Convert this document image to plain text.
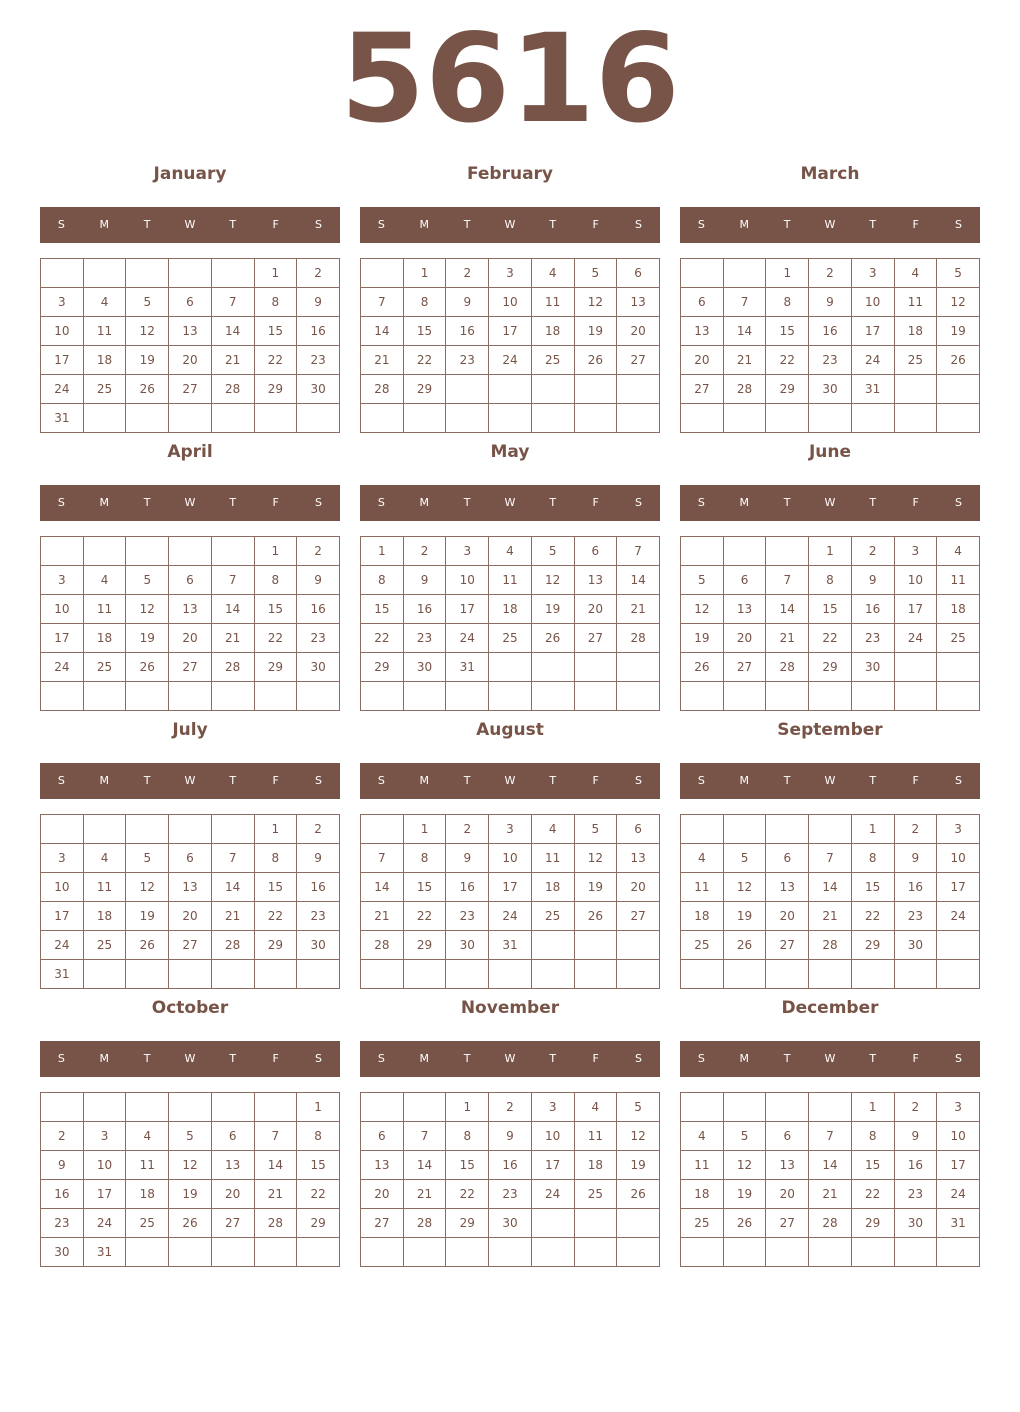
5616
January
S	M	T	W	T	F	S
					1	2
3	4	5	6	7	8	9
10	11	12	13	14	15	16
17	18	19	20	21	22	23
24	25	26	27	28	29	30
31						
February
S	M	T	W	T	F	S
	1	2	3	4	5	6
7	8	9	10	11	12	13
14	15	16	17	18	19	20
21	22	23	24	25	26	27
28	29					

March
S	M	T	W	T	F	S
		1	2	3	4	5
6	7	8	9	10	11	12
13	14	15	16	17	18	19
20	21	22	23	24	25	26
27	28	29	30	31		

April
S	M	T	W	T	F	S
					1	2
3	4	5	6	7	8	9
10	11	12	13	14	15	16
17	18	19	20	21	22	23
24	25	26	27	28	29	30

May
S	M	T	W	T	F	S
1	2	3	4	5	6	7
8	9	10	11	12	13	14
15	16	17	18	19	20	21
22	23	24	25	26	27	28
29	30	31				

June
S	M	T	W	T	F	S
			1	2	3	4
5	6	7	8	9	10	11
12	13	14	15	16	17	18
19	20	21	22	23	24	25
26	27	28	29	30		

July
S	M	T	W	T	F	S
					1	2
3	4	5	6	7	8	9
10	11	12	13	14	15	16
17	18	19	20	21	22	23
24	25	26	27	28	29	30
31						
August
S	M	T	W	T	F	S
	1	2	3	4	5	6
7	8	9	10	11	12	13
14	15	16	17	18	19	20
21	22	23	24	25	26	27
28	29	30	31			

September
S	M	T	W	T	F	S
				1	2	3
4	5	6	7	8	9	10
11	12	13	14	15	16	17
18	19	20	21	22	23	24
25	26	27	28	29	30	

October
S	M	T	W	T	F	S
						1
2	3	4	5	6	7	8
9	10	11	12	13	14	15
16	17	18	19	20	21	22
23	24	25	26	27	28	29
30	31					
November
S	M	T	W	T	F	S
		1	2	3	4	5
6	7	8	9	10	11	12
13	14	15	16	17	18	19
20	21	22	23	24	25	26
27	28	29	30			

December
S	M	T	W	T	F	S
				1	2	3
4	5	6	7	8	9	10
11	12	13	14	15	16	17
18	19	20	21	22	23	24
25	26	27	28	29	30	31
